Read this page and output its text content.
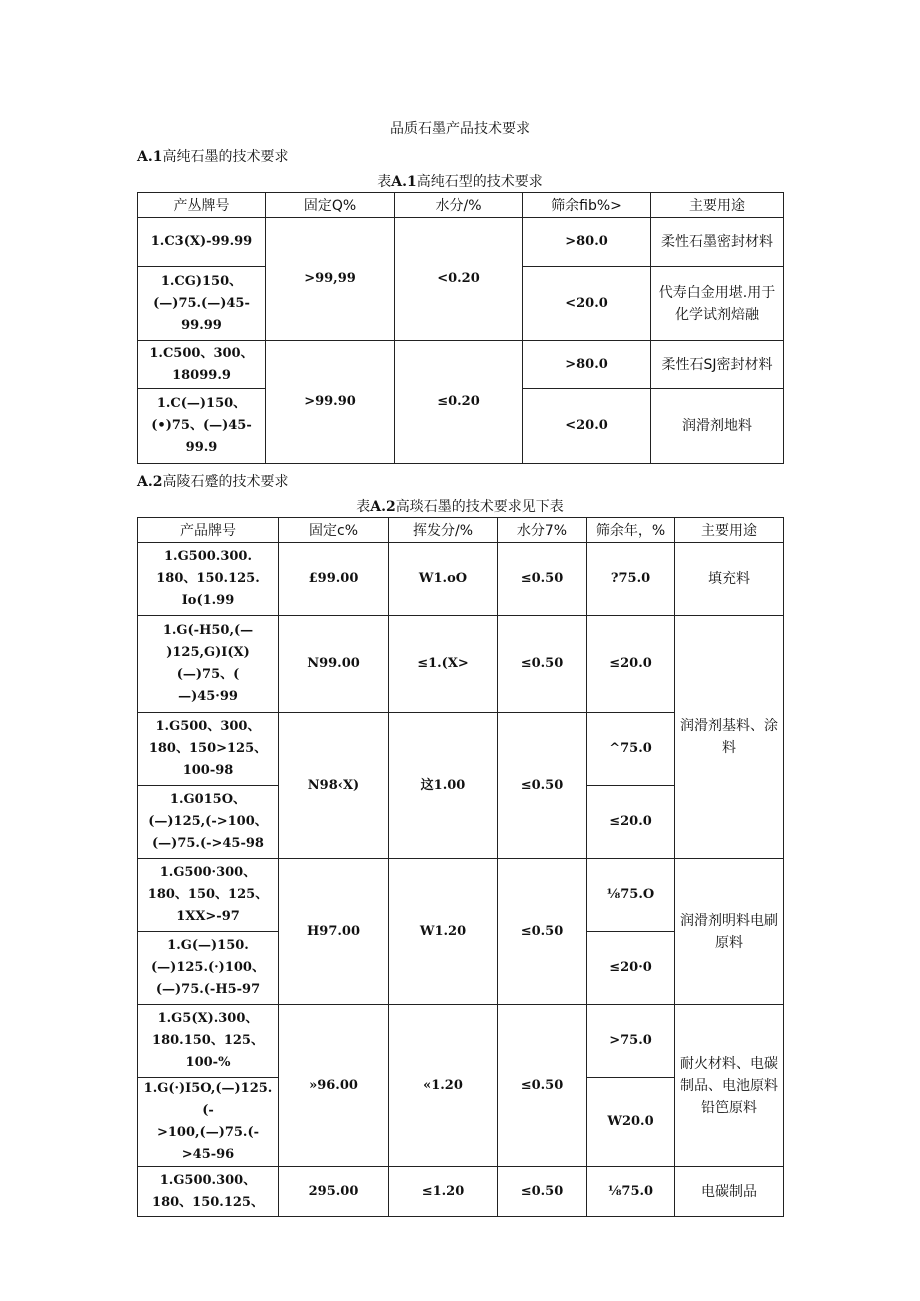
品质石墨产品技术要求
A.1高纯石墨的技术要求
表A.1高纯石型的技术要求
产丛牌号	固定Q%	水分/%	筛余fib%>	主要用途
1.C3(X)-99.99	>99,99	<0.20	>80.0	柔性石墨密封材料
1.CG)150、
(—)75.(—)45-
99.99			<20.0	代寿白金用堪.用于化学试剂焙融
1.C500、300、
18099.9	>99.90	≤0.20	>80.0	柔性石SJ密封材料
1.C(—)150、
(•)75、(—)45-
99.9			<20.0	润滑剂地料
A.2高陵石蹙的技术要求
表A.2高琰石墨的技术要求见下表
产品牌号	固定c%	挥发分/%	水分7%	筛余年，%	主要用途
1.G500.300.
180、150.125.
Io(1.99	£99.00	W1.oO	≤0.50	?75.0	填充料
1.G(-H50,(—
)125,G)I(X)(—)75、(
—)45·99	N99.00	≤1.(X>	≤0.50	≤20.0	润滑剂基料、涂料
1.G500、300、
180、150>125、
100-98	N98‹X)	这1.00	≤0.50	^75.0	
1.G015O、
(—)125,(->100、
(—)75.(->45-98				≤20.0	
1.G500·300、
180、150、125、
1XX>-97	H97.00	W1.20	≤0.50	⅛75.O	润滑剂明料电刷原料
1.G(—)150.
(—)125.(·)100、
(—)75.(-H5-97				≤20·0	
1.G5(X).300、
180.150、125、
100-%	»96.00	«1.20	≤0.50	>75.0	耐火材料、电碳制品、电池原料铅笆原料
1.G(·)I5O,(—)125.(-
>100,(—)75.(->45-96				W20.0	
1.G500.300、
180、150.125、	295.00	≤1.20	≤0.50	⅛75.0	电碳制品
